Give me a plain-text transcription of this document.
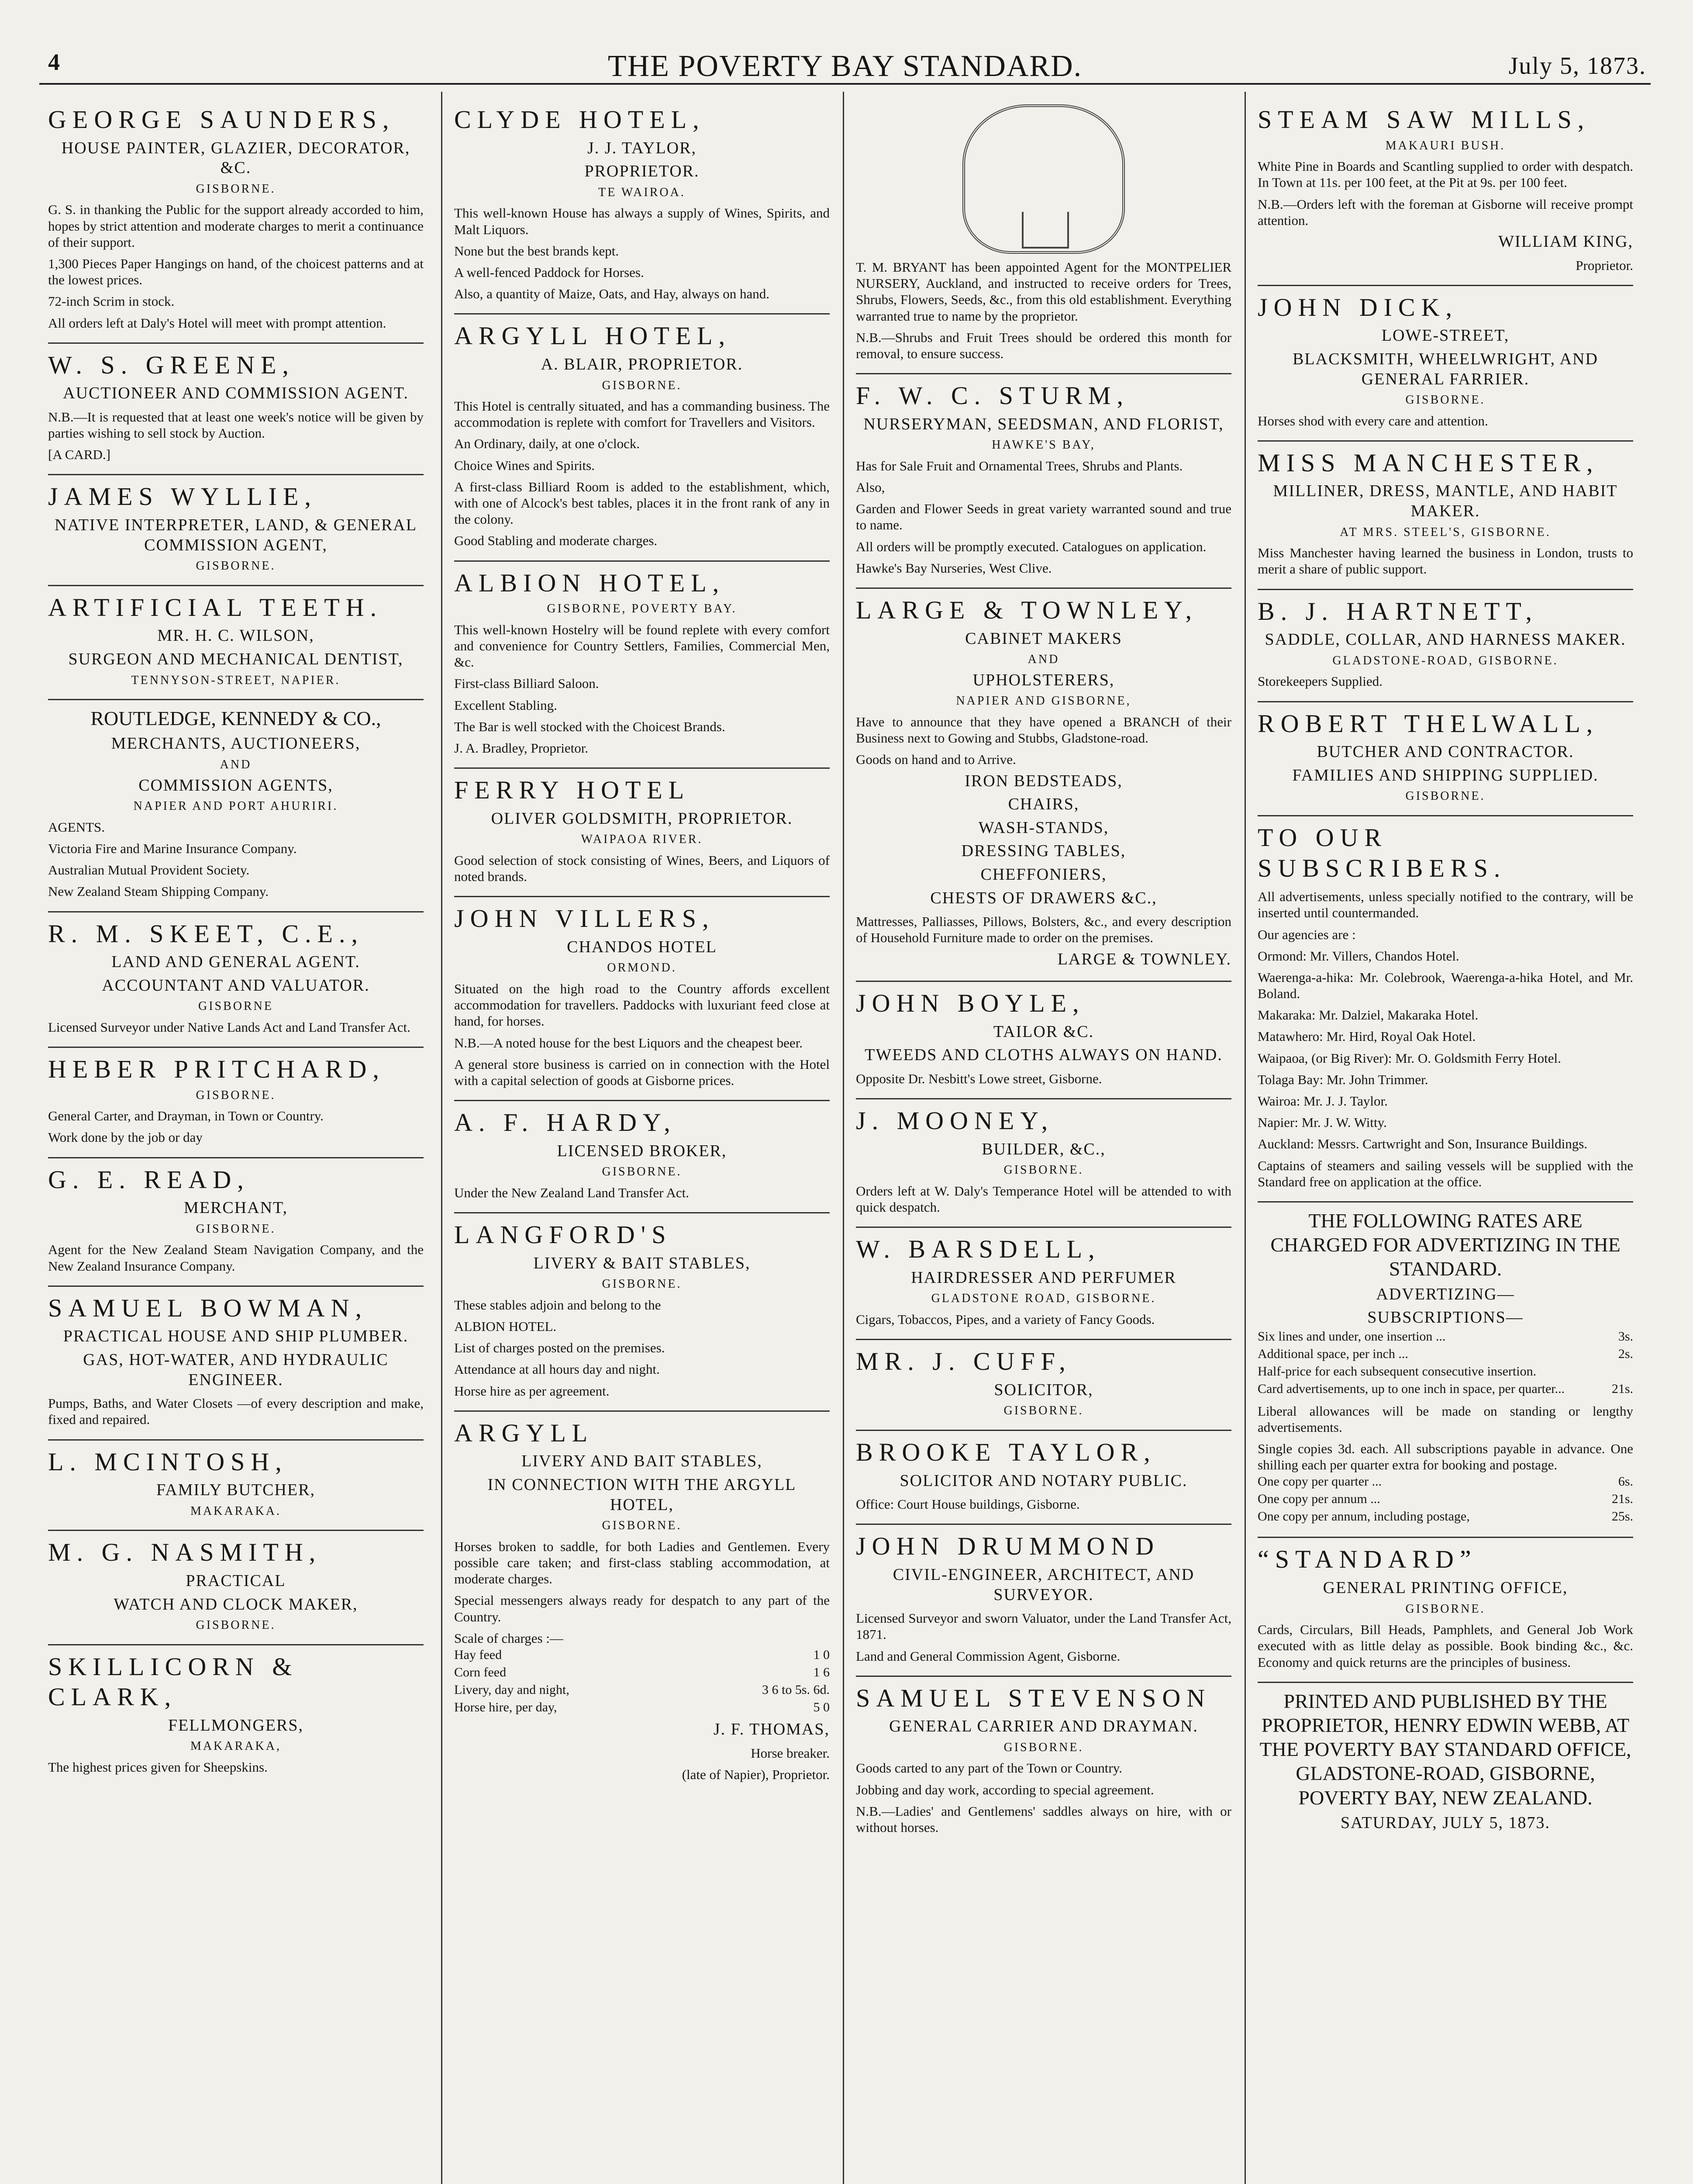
4	THE POVERTY BAY STANDARD.	July 5, 1873.
GEORGE SAUNDERS,
HOUSE PAINTER, GLAZIER, DECORATOR, &C.
GISBORNE.
G. S. in thanking the Public for the support already accorded to him, hopes by strict attention and moderate charges to merit a continuance of their support.
1,300 Pieces Paper Hangings on hand, of the choicest patterns and at the lowest prices.
72-inch Scrim in stock.
All orders left at Daly's Hotel will meet with prompt attention.
W. S. GREENE,
AUCTIONEER AND COMMISSION AGENT.
N.B.—It is requested that at least one week's notice will be given by parties wishing to sell stock by Auction.
[A CARD.]
JAMES WYLLIE,
NATIVE INTERPRETER, LAND, & GENERAL COMMISSION AGENT,
GISBORNE.
ARTIFICIAL TEETH.
MR. H. C. WILSON,
SURGEON AND MECHANICAL DENTIST,
TENNYSON-STREET, NAPIER.
ROUTLEDGE, KENNEDY & CO.,
MERCHANTS, AUCTIONEERS,
AND
COMMISSION AGENTS,
NAPIER AND PORT AHURIRI.
AGENTS.
Victoria Fire and Marine Insurance Company.
Australian Mutual Provident Society.
New Zealand Steam Shipping Company.
R. M. SKEET, C.E.,
LAND AND GENERAL AGENT.
ACCOUNTANT AND VALUATOR.
GISBORNE
Licensed Surveyor under Native Lands Act and Land Transfer Act.
HEBER PRITCHARD,
GISBORNE.
General Carter, and Drayman, in Town or Country.
Work done by the job or day
G. E. READ,
MERCHANT,
GISBORNE.
Agent for the New Zealand Steam Navigation Company, and the New Zealand Insurance Company.
SAMUEL BOWMAN,
PRACTICAL HOUSE AND SHIP PLUMBER.
GAS, HOT-WATER, AND HYDRAULIC ENGINEER.
Pumps, Baths, and Water Closets —of every description and make, fixed and repaired.
L. MCINTOSH,
FAMILY BUTCHER,
MAKARAKA.
M. G. NASMITH,
PRACTICAL
WATCH AND CLOCK MAKER,
GISBORNE.
SKILLICORN & CLARK,
FELLMONGERS,
MAKARAKA,
The highest prices given for Sheepskins.
CLYDE HOTEL,
J. J. TAYLOR,
PROPRIETOR.
TE WAIROA.
This well-known House has always a supply of Wines, Spirits, and Malt Liquors.
None but the best brands kept.
A well-fenced Paddock for Horses.
Also, a quantity of Maize, Oats, and Hay, always on hand.
ARGYLL HOTEL,
A. BLAIR, PROPRIETOR.
GISBORNE.
This Hotel is centrally situated, and has a commanding business. The accommodation is replete with comfort for Travellers and Visitors.
An Ordinary, daily, at one o'clock.
Choice Wines and Spirits.
A first-class Billiard Room is added to the establishment, which, with one of Alcock's best tables, places it in the front rank of any in the colony.
Good Stabling and moderate charges.
ALBION HOTEL,
GISBORNE, POVERTY BAY.
This well-known Hostelry will be found replete with every comfort and convenience for Country Settlers, Families, Commercial Men, &c.
First-class Billiard Saloon.
Excellent Stabling.
The Bar is well stocked with the Choicest Brands.
J. A. Bradley, Proprietor.
FERRY HOTEL
OLIVER GOLDSMITH, PROPRIETOR.
WAIPAOA RIVER.
Good selection of stock consisting of Wines, Beers, and Liquors of noted brands.
JOHN VILLERS,
CHANDOS HOTEL
ORMOND.
Situated on the high road to the Country affords excellent accommodation for travellers. Paddocks with luxuriant feed close at hand, for horses.
N.B.—A noted house for the best Liquors and the cheapest beer.
A general store business is carried on in connection with the Hotel with a capital selection of goods at Gisborne prices.
A. F. HARDY,
LICENSED BROKER,
GISBORNE.
Under the New Zealand Land Transfer Act.
LANGFORD'S
LIVERY & BAIT STABLES,
GISBORNE.
These stables adjoin and belong to the
ALBION HOTEL.
List of charges posted on the premises.
Attendance at all hours day and night.
Horse hire as per agreement.
ARGYLL
LIVERY AND BAIT STABLES,
IN CONNECTION WITH THE ARGYLL HOTEL,
GISBORNE.
Horses broken to saddle, for both Ladies and Gentlemen. Every possible care taken; and first-class stabling accommodation, at moderate charges.
Special messengers always ready for despatch to any part of the Country.
Scale of charges :—
Hay feed	1 0
Corn feed	1 6
Livery, day and night,	3 6 to 5s. 6d.
Horse hire, per day,	5 0
J. F. THOMAS,
Horse breaker.
(late of Napier), Proprietor.
T. M. BRYANT has been appointed Agent for the MONTPELIER NURSERY, Auckland, and instructed to receive orders for Trees, Shrubs, Flowers, Seeds, &c., from this old establishment. Everything warranted true to name by the proprietor.
N.B.—Shrubs and Fruit Trees should be ordered this month for removal, to ensure success.
F. W. C. STURM,
NURSERYMAN, SEEDSMAN, AND FLORIST,
HAWKE'S BAY,
Has for Sale Fruit and Ornamental Trees, Shrubs and Plants.
Also,
Garden and Flower Seeds in great variety warranted sound and true to name.
All orders will be promptly executed. Catalogues on application.
Hawke's Bay Nurseries, West Clive.
LARGE & TOWNLEY,
CABINET MAKERS
AND
UPHOLSTERERS,
NAPIER AND GISBORNE,
Have to announce that they have opened a BRANCH of their Business next to Gowing and Stubbs, Gladstone-road.
Goods on hand and to Arrive.
IRON BEDSTEADS,
CHAIRS,
WASH-STANDS,
DRESSING TABLES,
CHEFFONIERS,
CHESTS OF DRAWERS &C.,
Mattresses, Palliasses, Pillows, Bolsters, &c., and every description of Household Furniture made to order on the premises.
LARGE & TOWNLEY.
JOHN BOYLE,
TAILOR &C.
TWEEDS AND CLOTHS ALWAYS ON HAND.
Opposite Dr. Nesbitt's Lowe street, Gisborne.
J. MOONEY,
BUILDER, &C.,
GISBORNE.
Orders left at W. Daly's Temperance Hotel will be attended to with quick despatch.
W. BARSDELL,
HAIRDRESSER AND PERFUMER
GLADSTONE ROAD, GISBORNE.
Cigars, Tobaccos, Pipes, and a variety of Fancy Goods.
MR. J. CUFF,
SOLICITOR,
GISBORNE.
BROOKE TAYLOR,
SOLICITOR AND NOTARY PUBLIC.
Office: Court House buildings, Gisborne.
JOHN DRUMMOND
CIVIL-ENGINEER, ARCHITECT, AND SURVEYOR.
Licensed Surveyor and sworn Valuator, under the Land Transfer Act, 1871.
Land and General Commission Agent, Gisborne.
SAMUEL STEVENSON
GENERAL CARRIER AND DRAYMAN.
GISBORNE.
Goods carted to any part of the Town or Country.
Jobbing and day work, according to special agreement.
N.B.—Ladies' and Gentlemens' saddles always on hire, with or without horses.
STEAM SAW MILLS,
MAKAURI BUSH.
White Pine in Boards and Scantling supplied to order with despatch. In Town at 11s. per 100 feet, at the Pit at 9s. per 100 feet.
N.B.—Orders left with the foreman at Gisborne will receive prompt attention.
WILLIAM KING,
Proprietor.
JOHN DICK,
LOWE-STREET,
BLACKSMITH, WHEELWRIGHT, AND GENERAL FARRIER.
GISBORNE.
Horses shod with every care and attention.
MISS MANCHESTER,
MILLINER, DRESS, MANTLE, AND HABIT MAKER.
AT MRS. STEEL'S, GISBORNE.
Miss Manchester having learned the business in London, trusts to merit a share of public support.
B. J. HARTNETT,
SADDLE, COLLAR, AND HARNESS MAKER.
GLADSTONE-ROAD, GISBORNE.
Storekeepers Supplied.
ROBERT THELWALL,
BUTCHER AND CONTRACTOR.
FAMILIES AND SHIPPING SUPPLIED.
GISBORNE.
TO OUR SUBSCRIBERS.
All advertisements, unless specially notified to the contrary, will be inserted until countermanded.
Our agencies are :
Ormond: Mr. Villers, Chandos Hotel.
Waerenga-a-hika: Mr. Colebrook, Waerenga-a-hika Hotel, and Mr. Boland.
Makaraka: Mr. Dalziel, Makaraka Hotel.
Matawhero: Mr. Hird, Royal Oak Hotel.
Waipaoa, (or Big River): Mr. O. Goldsmith Ferry Hotel.
Tolaga Bay: Mr. John Trimmer.
Wairoa: Mr. J. J. Taylor.
Napier: Mr. J. W. Witty.
Auckland: Messrs. Cartwright and Son, Insurance Buildings.
Captains of steamers and sailing vessels will be supplied with the Standard free on application at the office.
THE FOLLOWING RATES ARE CHARGED FOR ADVERTIZING IN THE STANDARD.
ADVERTIZING—
SUBSCRIPTIONS—
Six lines and under, one insertion ...	3s.
Additional space, per inch ...	2s.
Half-price for each subsequent consecutive insertion.	
Card advertisements, up to one inch in space, per quarter...	21s.
Liberal allowances will be made on standing or lengthy advertisements.
Single copies 3d. each. All subscriptions payable in advance. One shilling each per quarter extra for booking and postage.
One copy per quarter ...	6s.
One copy per annum ...	21s.
One copy per annum, including postage,	25s.
“STANDARD”
GENERAL PRINTING OFFICE,
GISBORNE.
Cards, Circulars, Bill Heads, Pamphlets, and General Job Work executed with as little delay as possible. Book binding &c., &c. Economy and quick returns are the principles of business.
PRINTED AND PUBLISHED BY THE PROPRIETOR, HENRY EDWIN WEBB, AT THE POVERTY BAY STANDARD OFFICE, GLADSTONE-ROAD, GISBORNE, POVERTY BAY, NEW ZEALAND.
SATURDAY, JULY 5, 1873.
